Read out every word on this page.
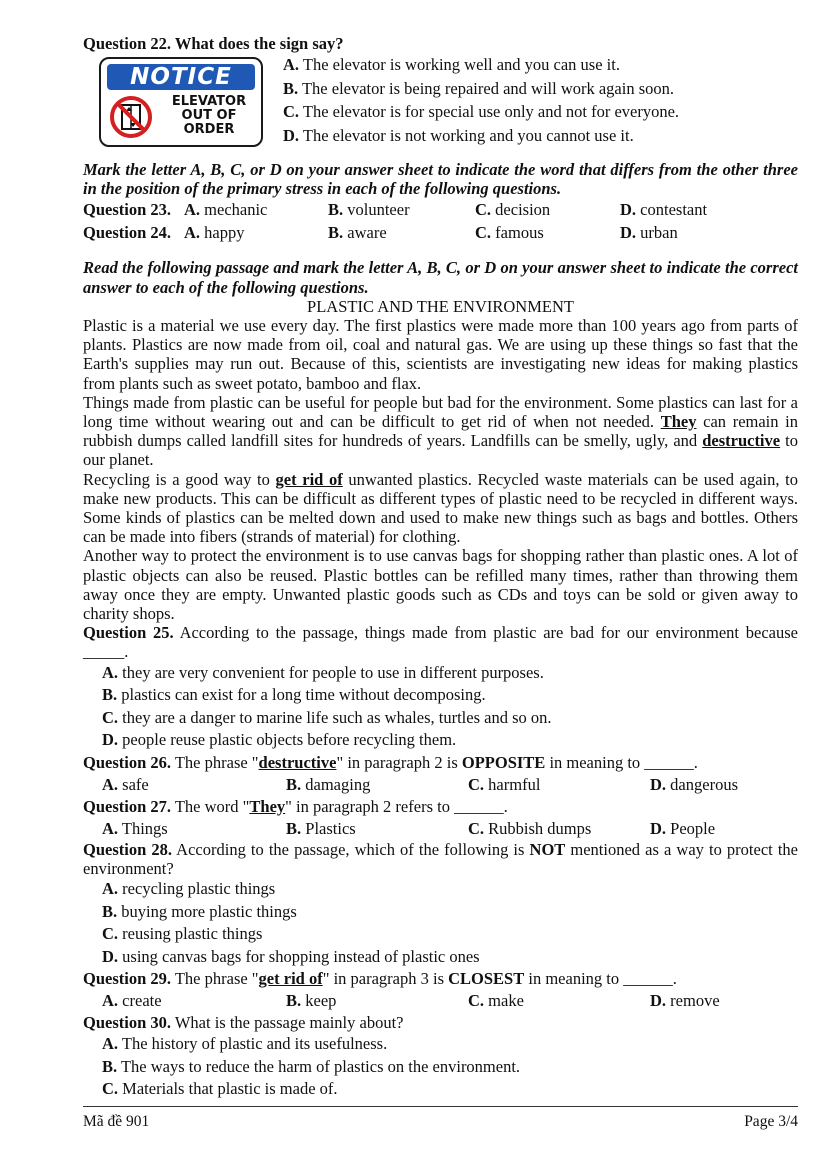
Question 22. What does the sign say?
NOTICE
ELEVATOR
OUT OF
ORDER
A. The elevator is working well and you can use it.
B. The elevator is being repaired and will work again soon.
C. The elevator is for special use only and not for everyone.
D. The elevator is not working and you cannot use it.

Mark the letter A, B, C, or D on your answer sheet to indicate the word that differs from the other three in the position of the primary stress in each of the following questions.

Question 23. A. mechanic	B. volunteer	C. decision	D. contestant
Question 24. A. happy	B. aware	C. famous	D. urban

Read the following passage and mark the letter A, B, C, or D on your answer sheet to indicate the correct answer to each of the following questions.

PLASTIC AND THE ENVIRONMENT

Plastic is a material we use every day. The first plastics were made more than 100 years ago from parts of plants. Plastics are now made from oil, coal and natural gas. We are using up these things so fast that the Earth's supplies may run out. Because of this, scientists are investigating new ideas for making plastics from plants such as sweet potato, bamboo and flax.

Things made from plastic can be useful for people but bad for the environment. Some plastics can last for a long time without wearing out and can be difficult to get rid of when not needed. They can remain in rubbish dumps called landfill sites for hundreds of years. Landfills can be smelly, ugly, and destructive to our planet.

Recycling is a good way to get rid of unwanted plastics. Recycled waste materials can be used again, to make new products. This can be difficult as different types of plastic need to be recycled in different ways. Some kinds of plastics can be melted down and used to make new things such as bags and bottles. Others can be made into fibers (strands of material) for clothing.

Another way to protect the environment is to use canvas bags for shopping rather than plastic ones. A lot of plastic objects can also be reused. Plastic bottles can be refilled many times, rather than throwing them away once they are empty. Unwanted plastic goods such as CDs and toys can be sold or given away to charity shops.

Question 25. According to the passage, things made from plastic are bad for our environment because _____.

A. they are very convenient for people to use in different purposes.
B. plastics can exist for a long time without decomposing.
C. they are a danger to marine life such as whales, turtles and so on.
D. people reuse plastic objects before recycling them.
Question 26. The phrase "destructive" in paragraph 2 is OPPOSITE in meaning to ______.
A. safe	B. damaging	C. harmful	D. dangerous
Question 27. The word "They" in paragraph 2 refers to ______.
A. Things	B. Plastics	C. Rubbish dumps	D. People

Question 28. According to the passage, which of the following is NOT mentioned as a way to protect the environment?

A. recycling plastic things
B. buying more plastic things
C. reusing plastic things
D. using canvas bags for shopping instead of plastic ones
Question 29. The phrase "get rid of" in paragraph 3 is CLOSEST in meaning to ______.
A. create	B. keep	C. make	D. remove
Question 30. What is the passage mainly about?
A. The history of plastic and its usefulness.
B. The ways to reduce the harm of plastics on the environment.
C. Materials that plastic is made of.
Mã đề 901	Page 3/4
